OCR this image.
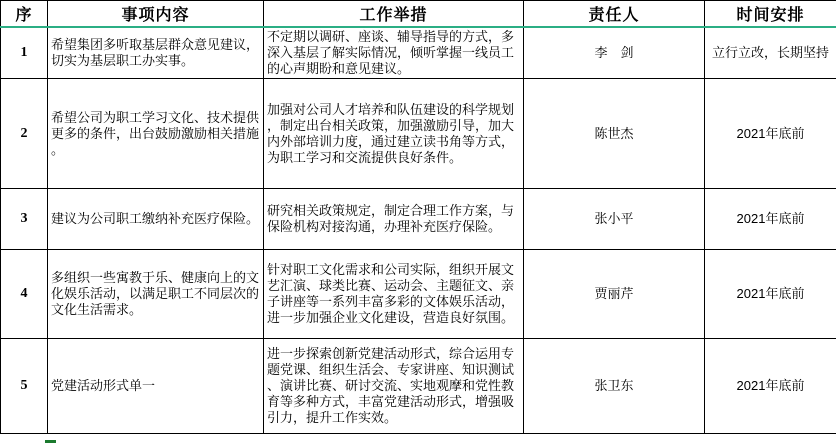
序	事项内容	工作举措	责任人	时间安排
1	希望集团多听取基层群众意见建议，切实为基层职工办实事。	不定期以调研、座谈、辅导指导的方式，多深入基层了解实际情况，倾听掌握一线员工的心声期盼和意见建议。	李　剑	立行立改，长期坚持
2	希望公司为职工学习文化、技术提供更多的条件，出台鼓励激励相关措施。	加强对公司人才培养和队伍建设的科学规划，制定出台相关政策，加强激励引导，加大内外部培训力度，通过建立读书角等方式，为职工学习和交流提供良好条件。	陈世杰	2021年底前
3	建议为公司职工缴纳补充医疗保险。	研究相关政策规定，制定合理工作方案，与保险机构对接沟通，办理补充医疗保险。	张小平	2021年底前
4	多组织一些寓教于乐、健康向上的文化娱乐活动，以满足职工不同层次的文化生活需求。	针对职工文化需求和公司实际，组织开展文艺汇演、球类比赛、运动会、主题征文、亲子讲座等一系列丰富多彩的文体娱乐活动，进一步加强企业文化建设，营造良好氛围。	贾丽芹	2021年底前
5	党建活动形式单一	进一步探索创新党建活动形式，综合运用专题党课、组织生活会、专家讲座、知识测试、演讲比赛、研讨交流、实地观摩和党性教育等多种方式，丰富党建活动形式，增强吸引力，提升工作实效。	张卫东	2021年底前
